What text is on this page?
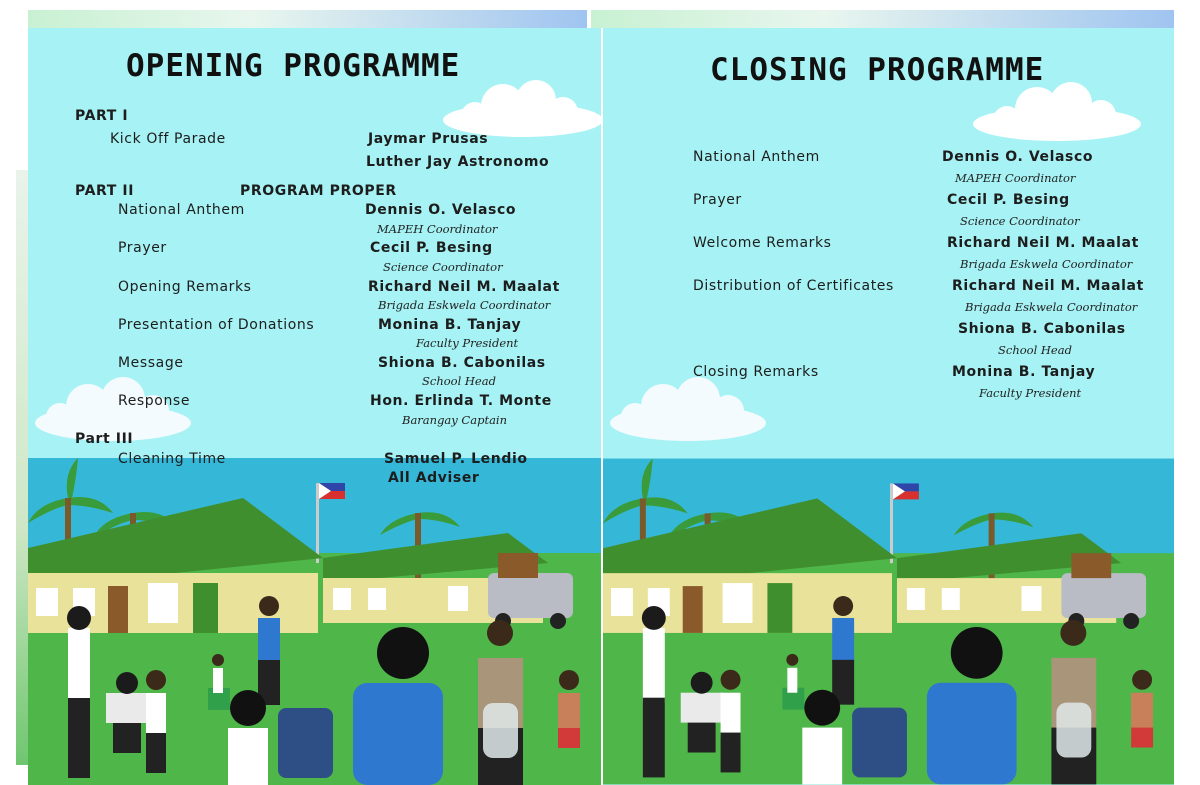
OPENING PROGRAMME
PART I
Kick Off Parade	Jaymar Prusas
Luther Jay Astronomo
PART II	PROGRAM PROPER
National Anthem	Dennis O. Velasco
MAPEH Coordinator
Prayer	Cecil P. Besing
Science Coordinator
Opening Remarks	Richard Neil M. Maalat
Brigada Eskwela Coordinator
Presentation of Donations	Monina B. Tanjay
Faculty President
Message	Shiona B. Cabonilas
School Head
Response	Hon. Erlinda T. Monte
Barangay Captain
Part III
Cleaning Time	Samuel P. Lendio
All Adviser
CLOSING PROGRAMME
National Anthem	Dennis O. Velasco
MAPEH Coordinator
Prayer	Cecil P. Besing
Science Coordinator
Welcome Remarks	Richard Neil M. Maalat
Brigada Eskwela Coordinator
Distribution of Certificates	Richard Neil M. Maalat
Brigada Eskwela Coordinator
Shiona B. Cabonilas
School Head
Closing Remarks	Monina B. Tanjay
Faculty President
